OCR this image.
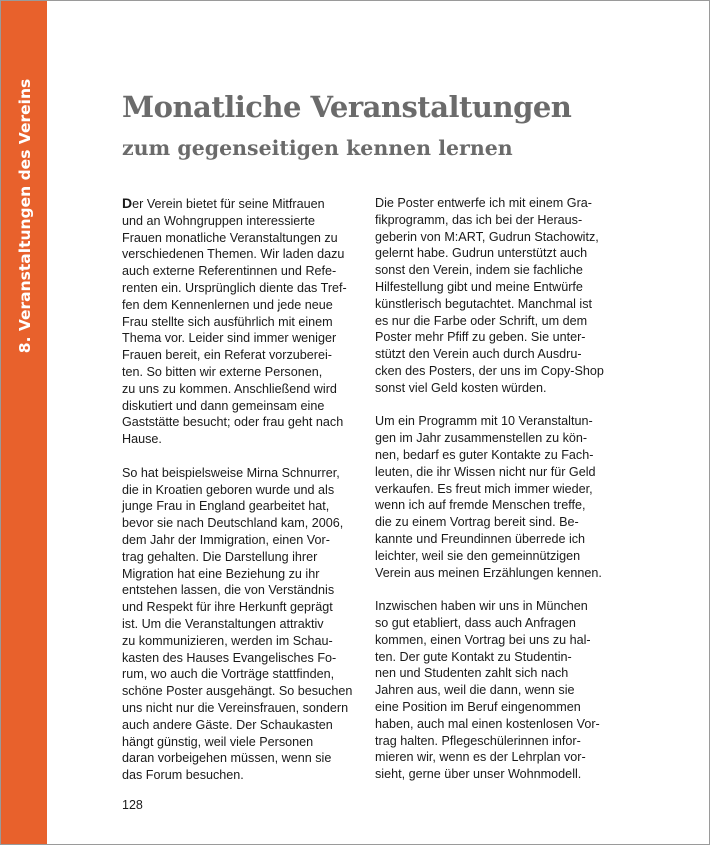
8. Veranstaltungen des Vereins	Monatliche Veranstaltungen
zum gegenseitigen kennen lernen
Der Verein bietet für seine Mitfrauen
und an Wohngruppen interessierte
Frauen monatliche Veranstaltungen zu
verschiedenen Themen. Wir laden dazu
auch externe Referentinnen und Refe-
renten ein. Ursprünglich diente das Tref-
fen dem Kennenlernen und jede neue
Frau stellte sich ausführlich mit einem
Thema vor. Leider sind immer weniger
Frauen bereit, ein Referat vorzuberei-
ten. So bitten wir externe Personen,
zu uns zu kommen. Anschließend wird
diskutiert und dann gemeinsam eine
Gaststätte besucht; oder frau geht nach
Hause.
So hat beispielsweise Mirna Schnurrer,
die in Kroatien geboren wurde und als
junge Frau in England gearbeitet hat,
bevor sie nach Deutschland kam, 2006,
dem Jahr der Immigration, einen Vor-
trag gehalten. Die Darstellung ihrer
Migration hat eine Beziehung zu ihr
entstehen lassen, die von Verständnis
und Respekt für ihre Herkunft geprägt
ist. Um die Veranstaltungen attraktiv
zu kommunizieren, werden im Schau-
kasten des Hauses Evangelisches Fo-
rum, wo auch die Vorträge stattfinden,
schöne Poster ausgehängt. So besuchen
uns nicht nur die Vereinsfrauen, sondern
auch andere Gäste. Der Schaukasten
hängt günstig, weil viele Personen
daran vorbeigehen müssen, wenn sie
das Forum besuchen.
Die Poster entwerfe ich mit einem Gra-
fikprogramm, das ich bei der Heraus-
geberin von M:ART, Gudrun Stachowitz,
gelernt habe. Gudrun unterstützt auch
sonst den Verein, indem sie fachliche
Hilfestellung gibt und meine Entwürfe
künstlerisch begutachtet. Manchmal ist
es nur die Farbe oder Schrift, um dem
Poster mehr Pfiff zu geben. Sie unter-
stützt den Verein auch durch Ausdru-
cken des Posters, der uns im Copy-Shop
sonst viel Geld kosten würden.
Um ein Programm mit 10 Veranstaltun-
gen im Jahr zusammenstellen zu kön-
nen, bedarf es guter Kontakte zu Fach-
leuten, die ihr Wissen nicht nur für Geld
verkaufen. Es freut mich immer wieder,
wenn ich auf fremde Menschen treffe,
die zu einem Vortrag bereit sind. Be-
kannte und Freundinnen überrede ich
leichter, weil sie den gemeinnützigen
Verein aus meinen Erzählungen kennen.
Inzwischen haben wir uns in München
so gut etabliert, dass auch Anfragen
kommen, einen Vortrag bei uns zu hal-
ten. Der gute Kontakt zu Studentin-
nen und Studenten zahlt sich nach
Jahren aus, weil die dann, wenn sie
eine Position im Beruf eingenommen
haben, auch mal einen kostenlosen Vor-
trag halten. Pflegeschülerinnen infor-
mieren wir, wenn es der Lehrplan vor-
sieht, gerne über unser Wohnmodell.
128
